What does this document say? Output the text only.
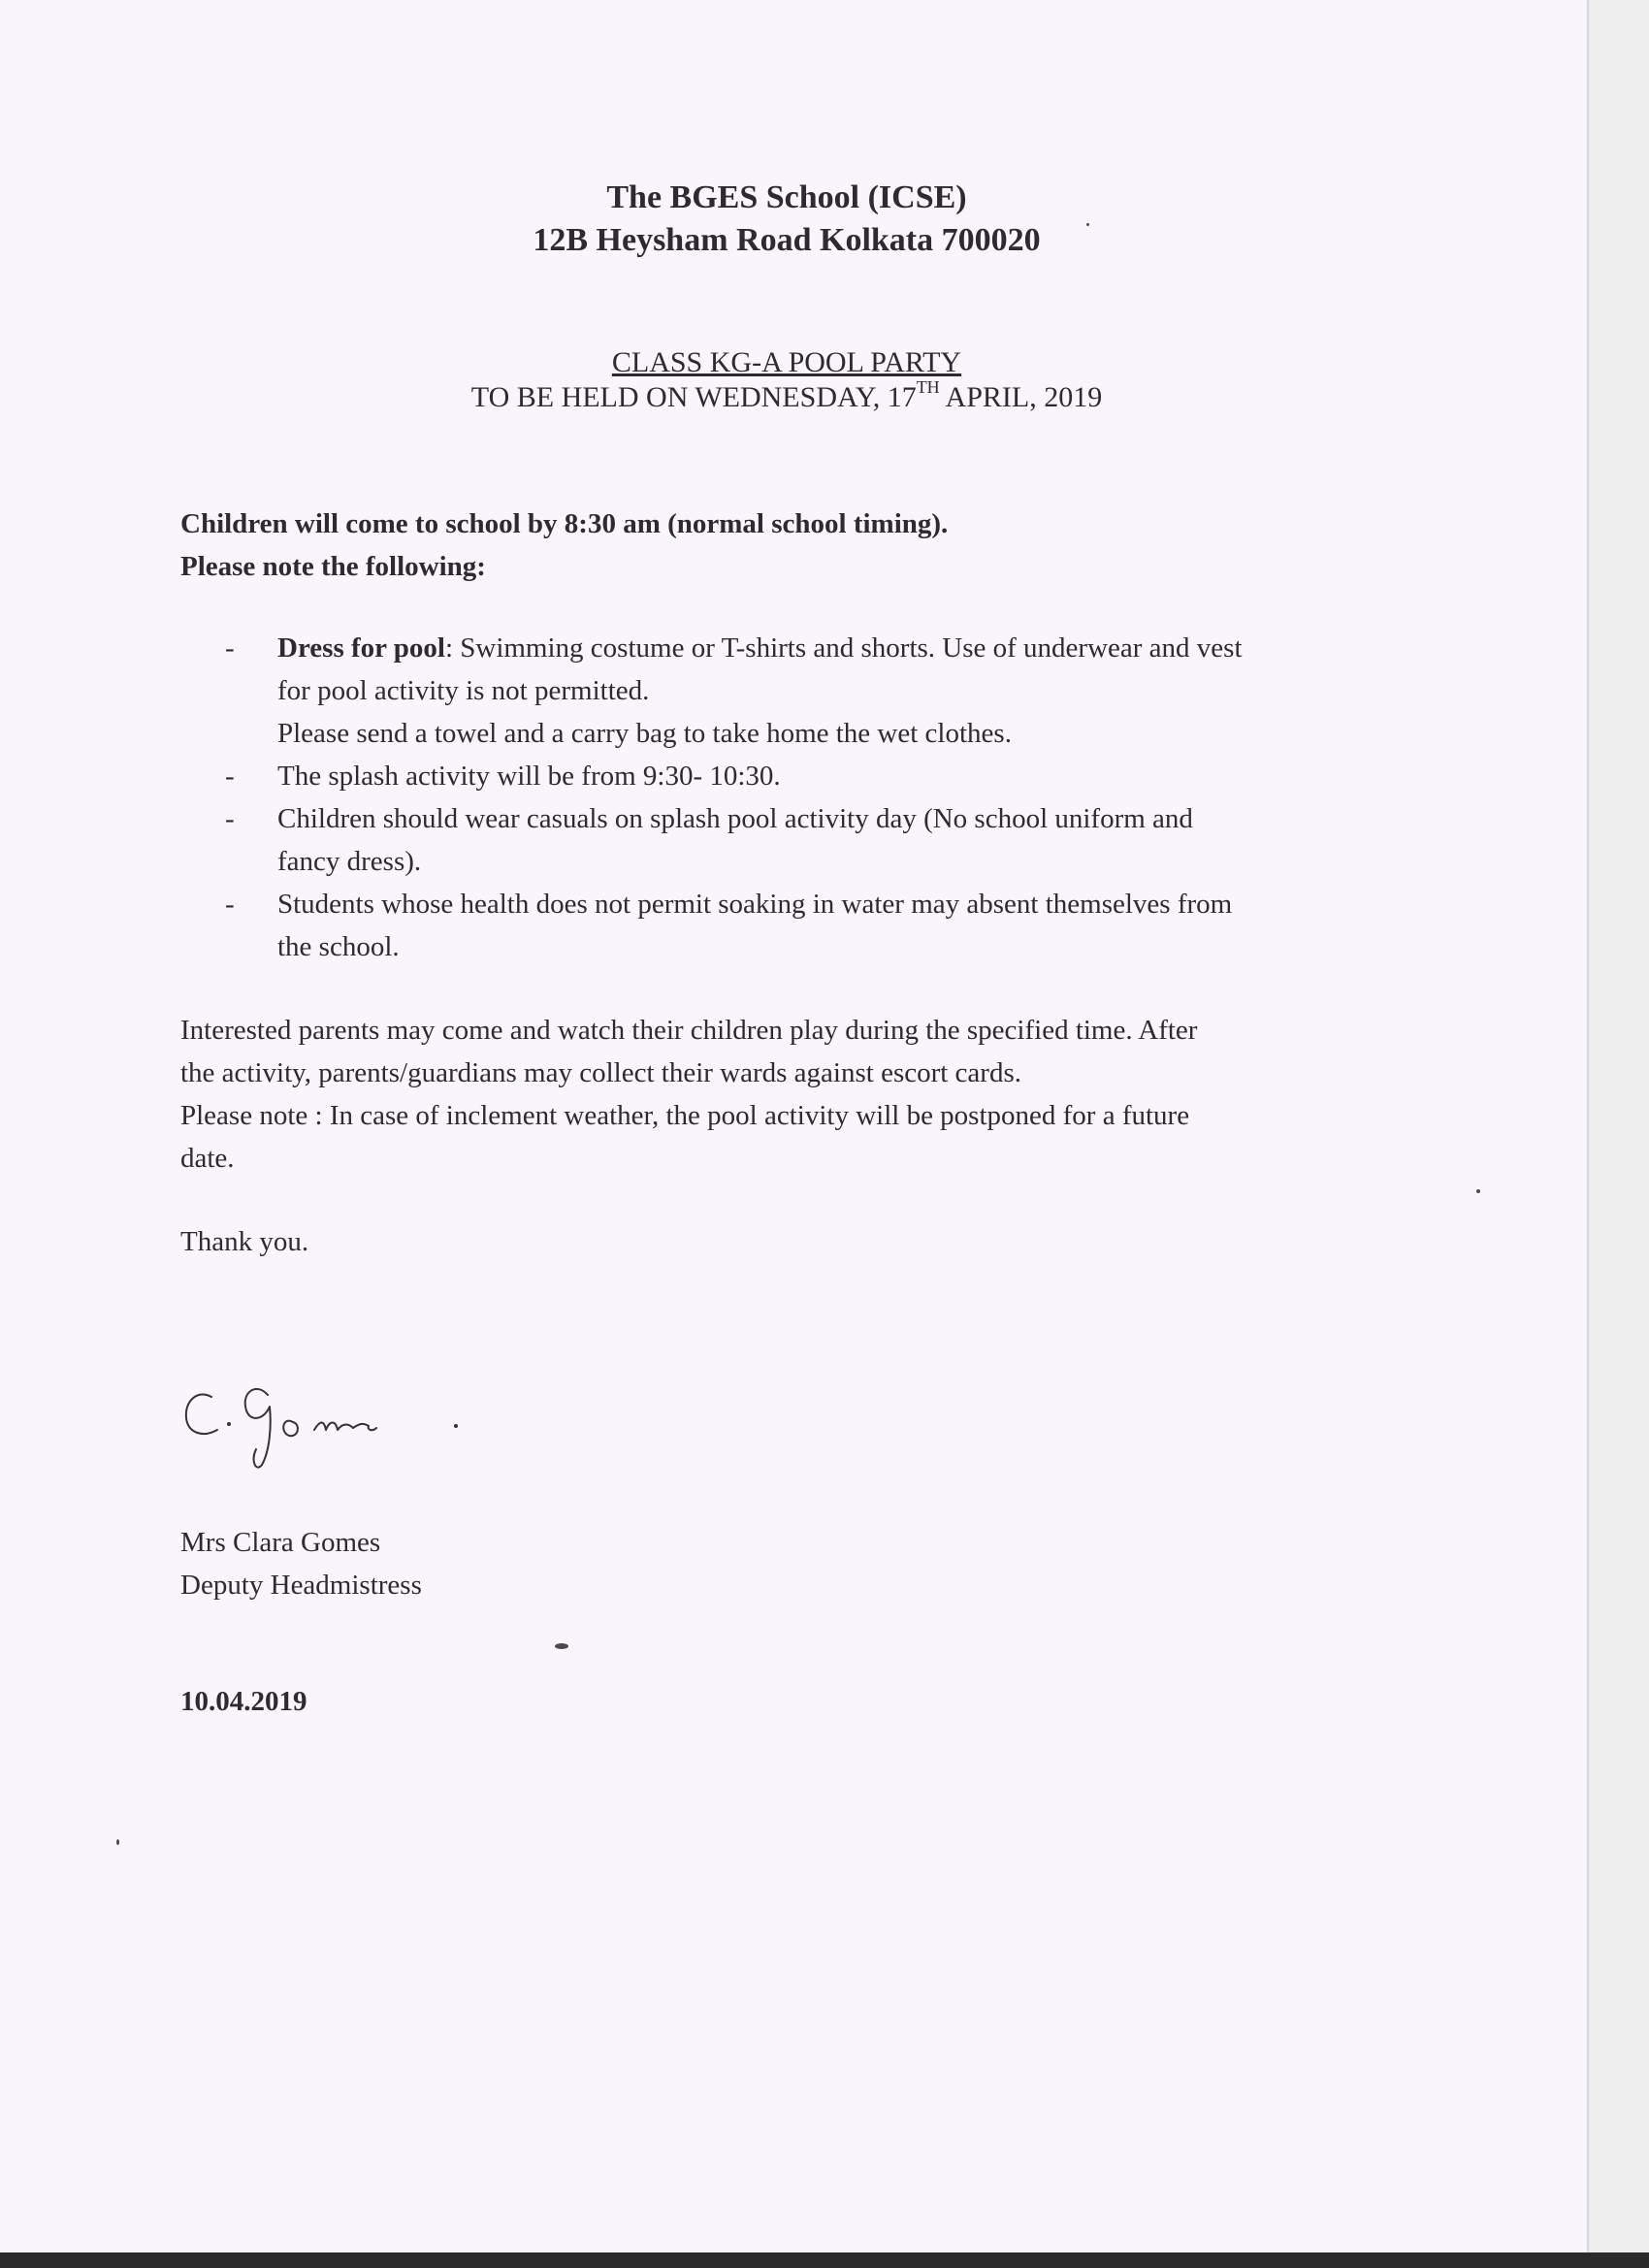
The BGES School (ICSE)
12B Heysham Road Kolkata 700020
CLASS KG-A POOL PARTY
TO BE HELD ON WEDNESDAY, 17TH APRIL, 2019
Children will come to school by 8:30 am (normal school timing).
Please note the following:
- Dress for pool: Swimming costume or T-shirts and shorts. Use of underwear and vest
for pool activity is not permitted.
Please send a towel and a carry bag to take home the wet clothes.
- The splash activity will be from 9:30- 10:30.
- Children should wear casuals on splash pool activity day (No school uniform and
fancy dress).
- Students whose health does not permit soaking in water may absent themselves from
the school.
Interested parents may come and watch their children play during the specified time. After
the activity, parents/guardians may collect their wards against escort cards.
Please note : In case of inclement weather, the pool activity will be postponed for a future
date.
Thank you.
Mrs Clara Gomes
Deputy Headmistress
10.04.2019
